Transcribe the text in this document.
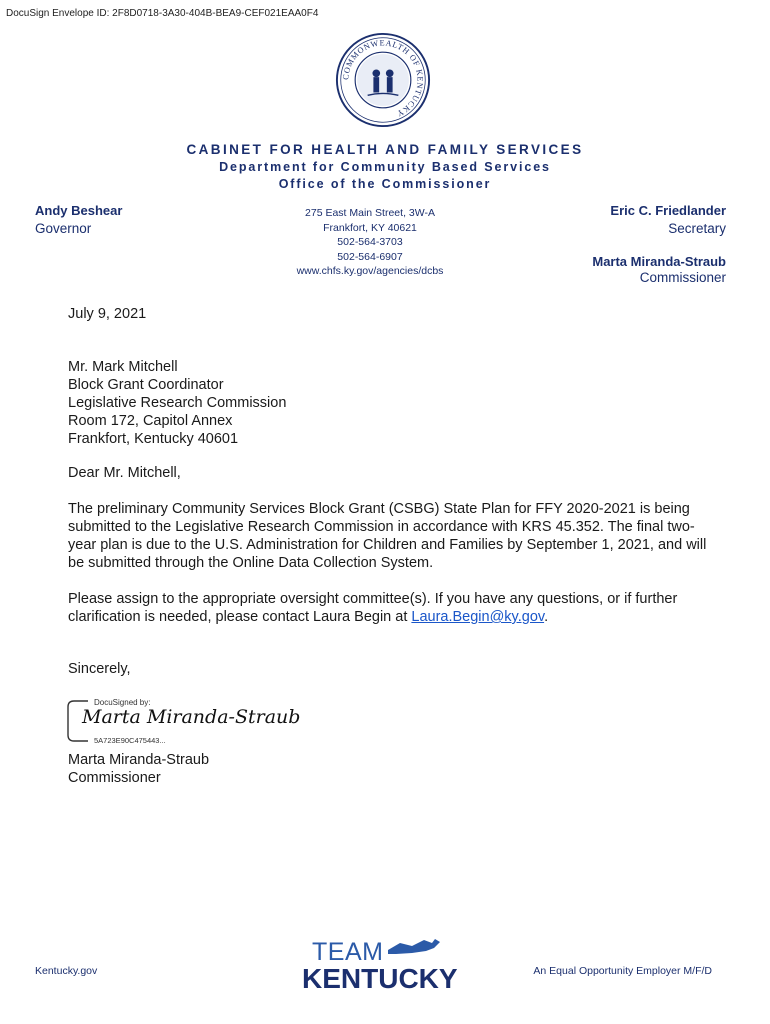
DocuSign Envelope ID: 2F8D0718-3A30-404B-BEA9-CEF021EAA0F4
COMMONWEALTH OF KENTUCKY
CABINET FOR HEALTH AND FAMILY SERVICES
Department for Community Based Services
Office of the Commissioner
Andy Beshear
Governor
275 East Main Street, 3W-A
Frankfort, KY 40621
502-564-3703
502-564-6907
www.chfs.ky.gov/agencies/dcbs
Eric C. Friedlander
Secretary
Marta Miranda-Straub
Commissioner
July 9, 2021
Mr. Mark Mitchell
Block Grant Coordinator
Legislative Research Commission
Room 172, Capitol Annex
Frankfort, Kentucky 40601
Dear Mr. Mitchell,
The preliminary Community Services Block Grant (CSBG) State Plan for FFY 2020-2021 is being submitted to the Legislative Research Commission in accordance with KRS 45.352. The final two-year plan is due to the U.S. Administration for Children and Families by September 1, 2021, and will be submitted through the Online Data Collection System.
Please assign to the appropriate oversight committee(s). If you have any questions, or if further clarification is needed, please contact Laura Begin at Laura.Begin@ky.gov.
Sincerely,
DocuSigned by:
Marta Miranda-Straub
5A723E90C475443...
Marta Miranda-Straub
Commissioner
Kentucky.gov
TEAM
KENTUCKY	An Equal Opportunity Employer M/F/D
